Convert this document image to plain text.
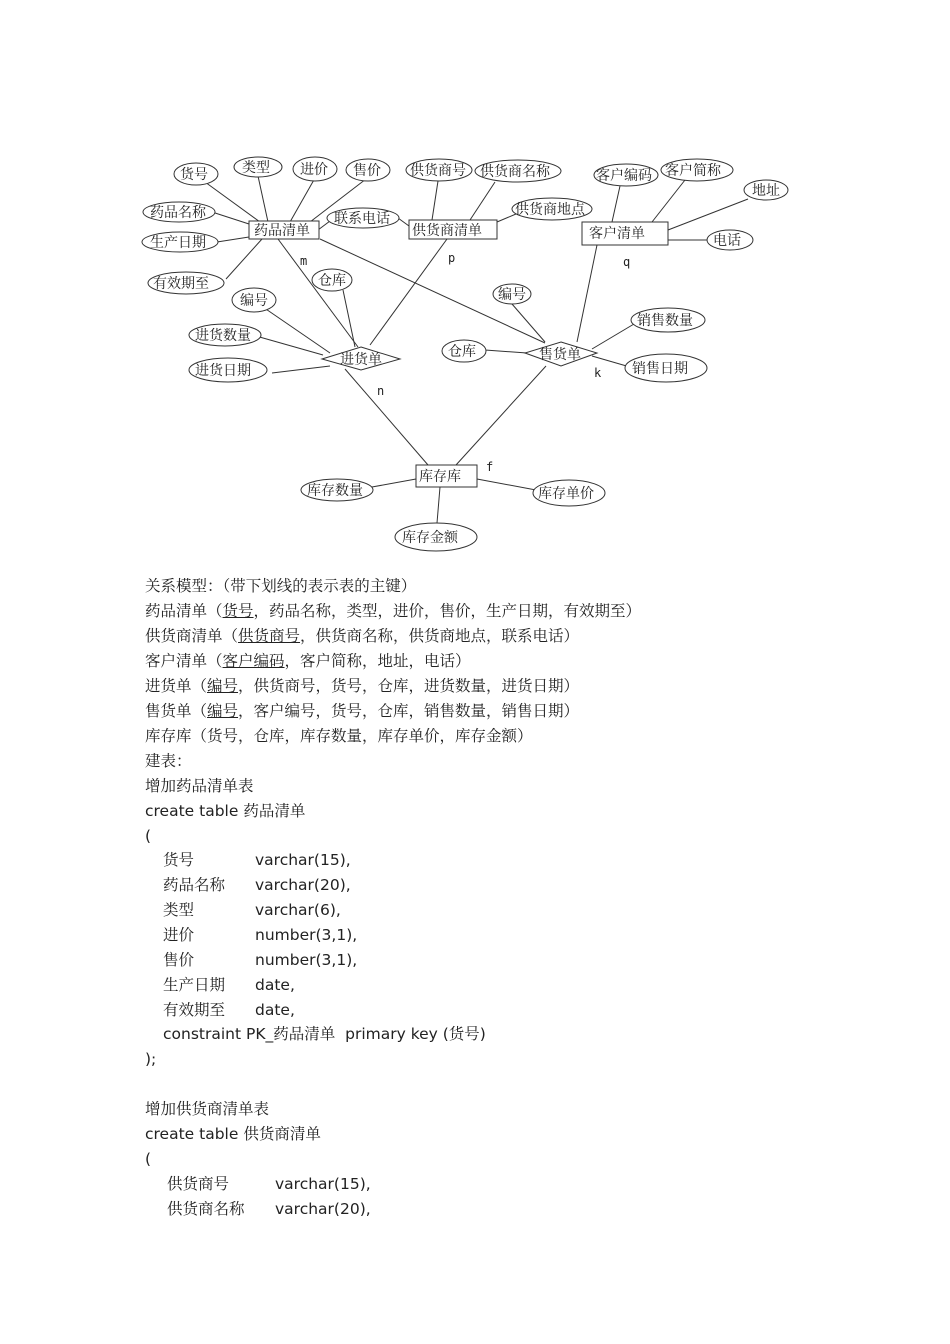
药品清单	供货商清单	客户清单
库存库
进货单	售货单
货号 类型 进价 售价
药品名称
生产日期
有效期至
供货商号 供货商名称
联系电话
供货商地点
客户编码 客户简称
地址
电话
编号
仓库
进货数量
进货日期
编号
仓库
销售数量
销售日期
库存数量	库存单价
库存金额
m	p	q
n
k
f
关系模型：（带下划线的表示表的主键）
药品清单（货号，药品名称，类型，进价，售价，生产日期，有效期至）
供货商清单（供货商号，供货商名称，供货商地点，联系电话）
客户清单（客户编码，客户简称，地址，电话）
进货单（编号，供货商号，货号，仓库，进货数量，进货日期）
售货单（编号，客户编号，货号，仓库，销售数量，销售日期）
库存库（货号，仓库，库存数量，库存单价，库存金额）
建表：
增加药品清单表
create table 药品清单
(
货号	varchar(15),
药品名称 varchar(20),
类型	varchar(6),
进价	number(3,1),
售价	number(3,1),
生产日期 date,
有效期至 date,
constraint PK_药品清单  primary key (货号)
);
增加供货商清单表
create table 供货商清单
(
供货商号	varchar(15),
供货商名称 varchar(20),
